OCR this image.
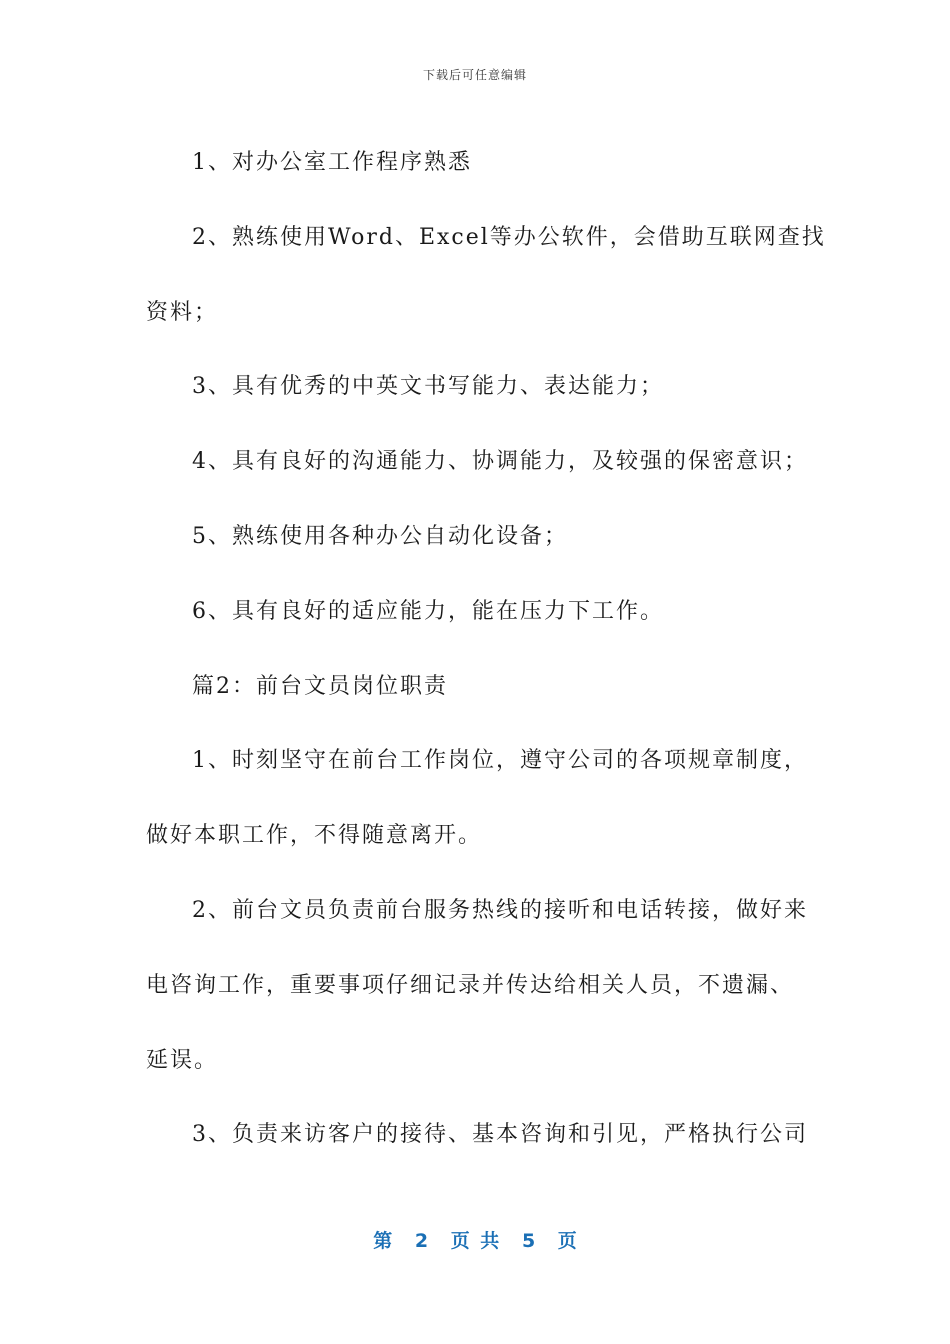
下载后可任意编辑
1、对办公室工作程序熟悉
2、熟练使用Word、Excel等办公软件，会借助互联网查找
资料；
3、具有优秀的中英文书写能力、表达能力；
4、具有良好的沟通能力、协调能力，及较强的保密意识；
5、熟练使用各种办公自动化设备；
6、具有良好的适应能力，能在压力下工作。
篇2：前台文员岗位职责
1、时刻坚守在前台工作岗位，遵守公司的各项规章制度，
做好本职工作，不得随意离开。
2、前台文员负责前台服务热线的接听和电话转接，做好来
电咨询工作，重要事项仔细记录并传达给相关人员，不遗漏、
延误。
3、负责来访客户的接待、基本咨询和引见，严格执行公司
第 2 页 共 5 页
